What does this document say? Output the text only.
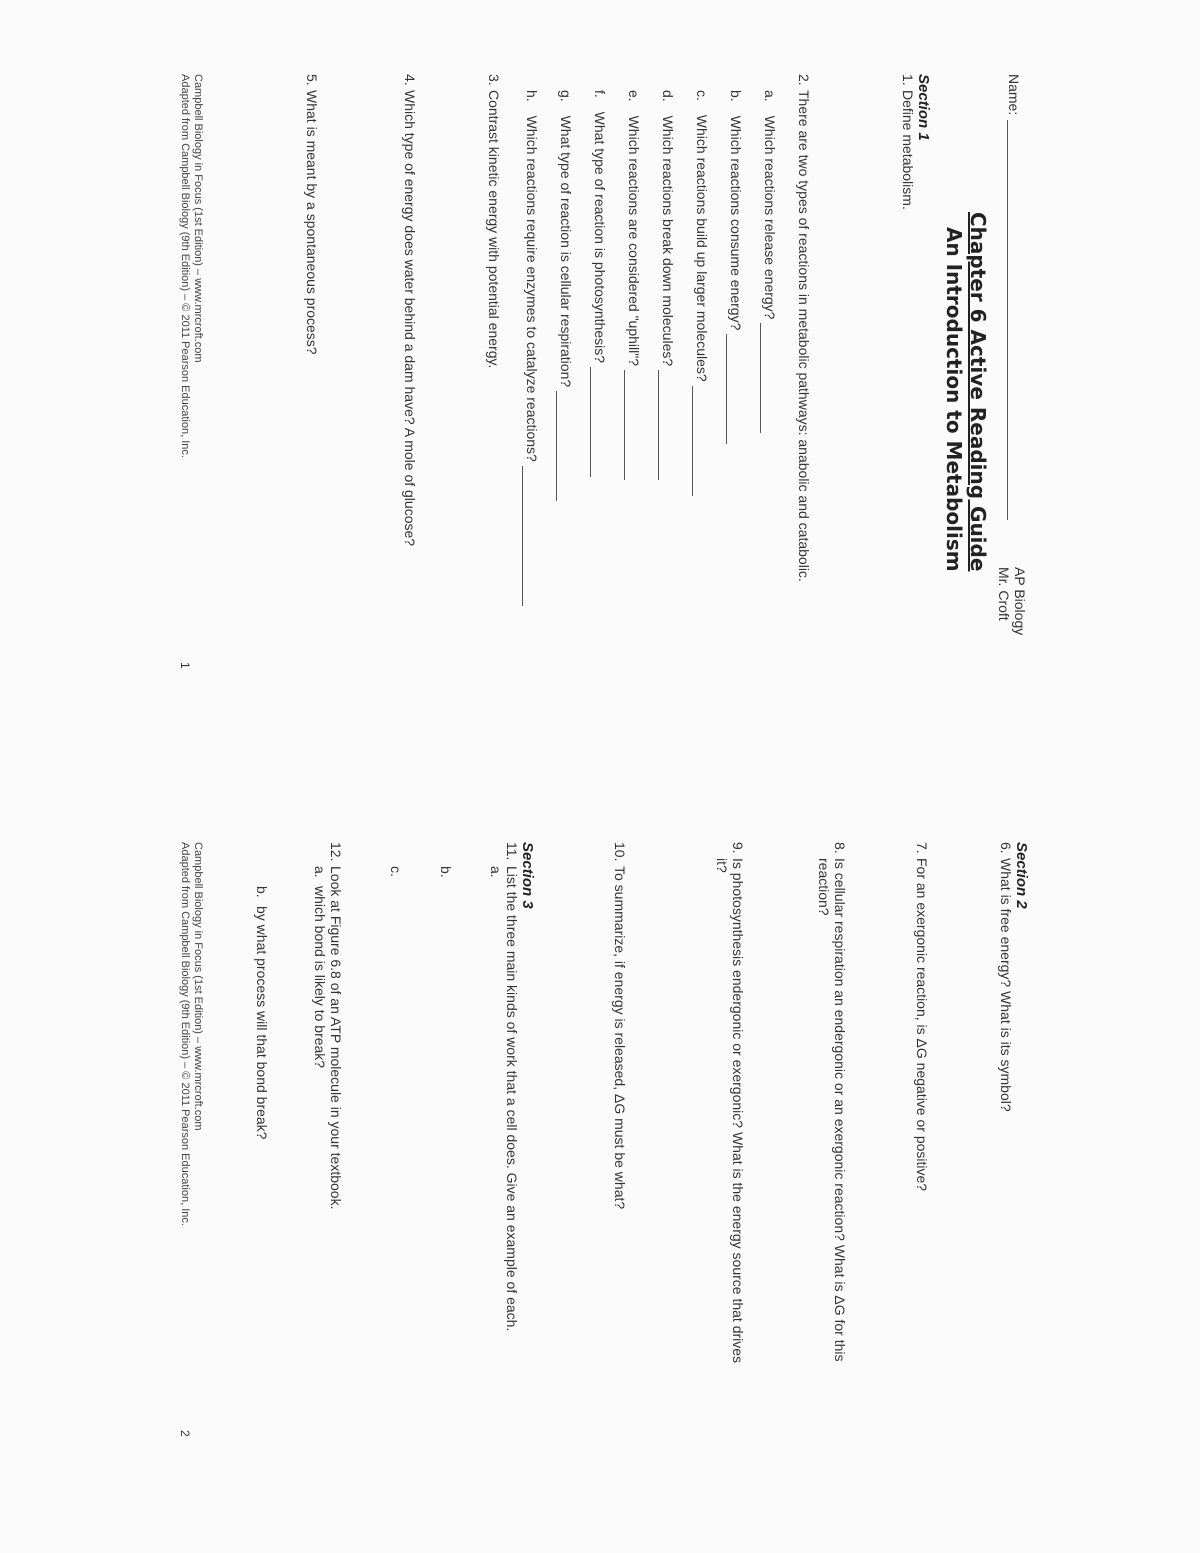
Name:
AP Biology
Mr. Croft
Chapter 6 Active Reading Guide
An Introduction to Metabolism
Section 1
1.
Define metabolism.
2.
There are two types of reactions in metabolic pathways: anabolic and catabolic.
a. Which reactions release energy?
b. Which reactions consume energy?
c. Which reactions build up larger molecules?
d. Which reactions break down molecules?
e. Which reactions are considered "uphill"?
f. What type of reaction is photosynthesis?
g. What type of reaction is cellular respiration?
h. Which reactions require enzymes to catalyze reactions?
3.
Contrast kinetic energy with potential energy.
4.
Which type of energy does water behind a dam have? A mole of glucose?
5.
What is meant by a spontaneous process?
Campbell Biology in Focus (1st Edition) – www.mrcroft.com
Adapted from Campbell Biology (9th Edition) – © 2011 Pearson Education, Inc.
1
Section 2
6.
What is free energy? What is its symbol?
7.
For an exergonic reaction, is ΔG negative or positive?
8.
Is cellular respiration an endergonic or an exergonic reaction? What is ΔG for this
reaction?
9.
Is photosynthesis endergonic or exergonic? What is the energy source that drives
it?
10.
To summarize, if energy is released, ΔG must be what?
Section 3
11.
List the three main kinds of work that a cell does. Give an example of each.
a.
b.
c.
12.
Look at Figure 6.8 of an ATP molecule in your textbook.
a.
which bond is likely to break?
b.
by what process will that bond break?
Campbell Biology in Focus (1st Edition) – www.mrcroft.com
Adapted from Campbell Biology (9th Edition) – © 2011 Pearson Education, Inc.
2
